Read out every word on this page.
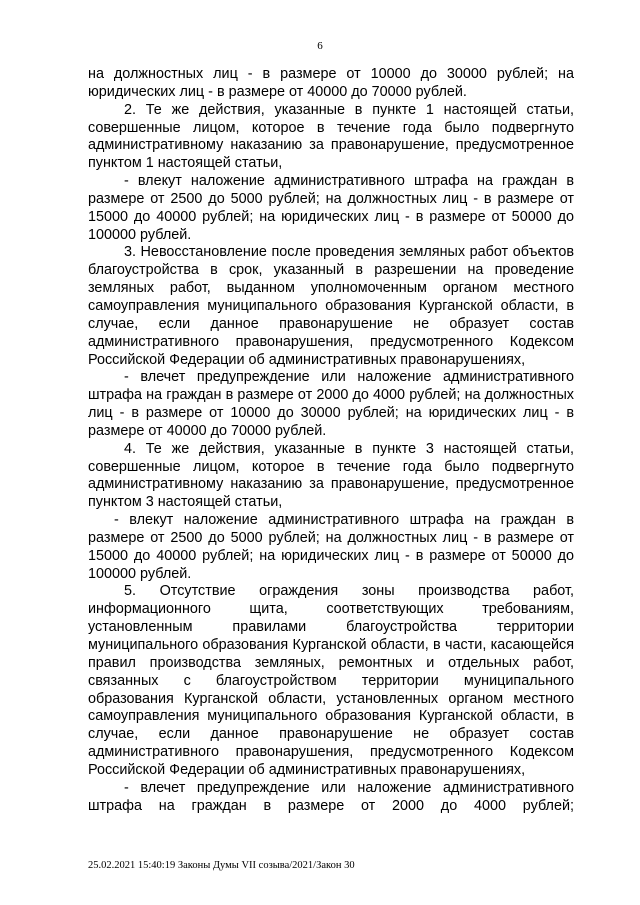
6

на должностных лиц - в размере от 10000 до 30000 рублей; на юридических лиц - в размере от 40000 до 70000 рублей.

2. Те же действия, указанные в пункте 1 настоящей статьи, совершенные лицом, которое в течение года было подвергнуто административному наказанию за правонарушение, предусмотренное пунктом 1 настоящей статьи,

- влекут наложение административного штрафа на граждан в размере от 2500 до 5000 рублей; на должностных лиц - в размере от 15000 до 40000 рублей; на юридических лиц - в размере от 50000 до 100000 рублей.

3. Невосстановление после проведения земляных работ объектов благоустройства в срок, указанный в разрешении на проведение земляных работ, выданном уполномоченным органом местного самоуправления муниципального образования Курганской области, в случае, если данное правонарушение не образует состав административного правонарушения, предусмотренного Кодексом Российской Федерации об административных правонарушениях,

- влечет предупреждение или наложение административного штрафа на граждан в размере от 2000 до 4000 рублей; на должностных лиц - в размере от 10000 до 30000 рублей; на юридических лиц - в размере от 40000 до 70000 рублей.

4. Те же действия, указанные в пункте 3 настоящей статьи, совершенные лицом, которое в течение года было подвергнуто административному наказанию за правонарушение, предусмотренное пунктом 3 настоящей статьи,

- влекут наложение административного штрафа на граждан в размере от 2500 до 5000 рублей; на должностных лиц - в размере от 15000 до 40000 рублей; на юридических лиц - в размере от 50000 до 100000 рублей.

5. Отсутствие ограждения зоны производства работ, информационного щита, соответствующих требованиям, установленным правилами благоустройства территории муниципального образования Курганской области, в части, касающейся правил производства земляных, ремонтных и отдельных работ, связанных с благоустройством территории муниципального образования Курганской области, установленных органом местного самоуправления муниципального образования Курганской области, в случае, если данное правонарушение не образует состав административного правонарушения, предусмотренного Кодексом Российской Федерации об административных правонарушениях,

- влечет предупреждение или наложение административного штрафа на граждан в размере от 2000 до 4000 рублей;

25.02.2021 15:40:19 Законы Думы VII созыва/2021/Закон 30
